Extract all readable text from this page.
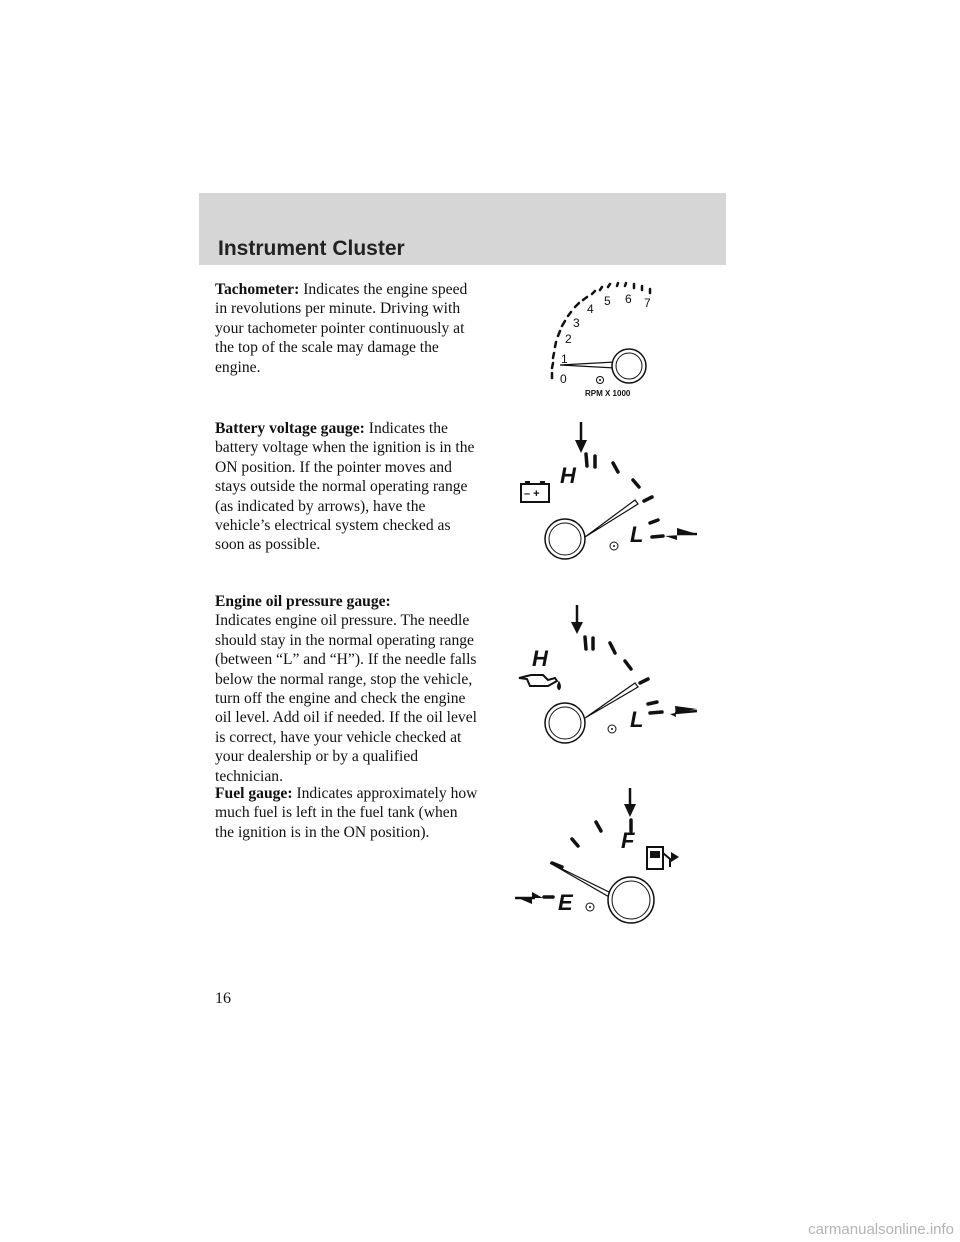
Instrument Cluster

Tachometer: Indicates the engine speed in revolutions per minute. Driving with your tachometer pointer continuously at the top of the scale may damage the engine.

Battery voltage gauge: Indicates the battery voltage when the ignition is in the ON position. If the pointer moves and stays outside the normal operating range (as indicated by arrows), have the vehicle’s electrical system checked as soon as possible.

Engine oil pressure gauge:
Indicates engine oil pressure. The needle should stay in the normal operating range (between “L” and “H”). If the needle falls below the normal range, stop the vehicle, turn off the engine and check the engine oil level. Add oil if needed. If the oil level is correct, have your vehicle checked at your dealership or by a qualified technician.

Fuel gauge: Indicates approximately how much fuel is left in the fuel tank (when the ignition is in the ON position).

0
1
2
3
4
5 6 7
RPM X 1000
H
L
– +
H
L
F
E
16
carmanualsonline.info
